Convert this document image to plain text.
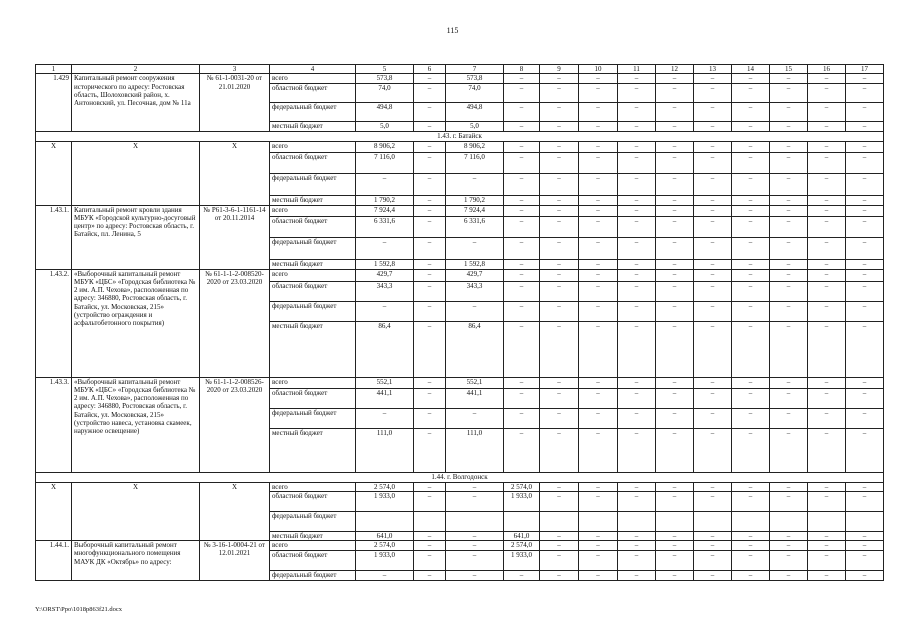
115
1	2	3	4	5	6	7	8	9	10	11	12	13	14	15	16	17
1.429	Капитальный ремонт сооружения исторического по адресу: Ростовская область, Шолоховский район, х. Антоновский, ул. Песочная, дом № 11а	№ 61-1-0031-20 от 21.01.2020	всего	573,8	–	573,8	–	–	–	–	–	–	–	–	–	–
			областной бюджет	74,0	–	74,0	–	–	–	–	–	–	–	–	–	–
			федеральный бюджет	494,8	–	494,8	–	–	–	–	–	–	–	–	–	–
			местный бюджет	5,0	–	5,0	–	–	–	–	–	–	–	–	–	–
1.43. г. Батайск																
Х	Х	Х	всего	8 906,2	–	8 906,2	–	–	–	–	–	–	–	–	–	–
			областной бюджет	7 116,0	–	7 116,0	–	–	–	–	–	–	–	–	–	–
			федеральный бюджет	–	–	–	–	–	–	–	–	–	–	–	–	–
			местный бюджет	1 790,2	–	1 790,2	–	–	–	–	–	–	–	–	–	–
1.43.1.	Капитальный ремонт кровли здания МБУК «Городской культурно-досуговый центр» по адресу: Ростовская область, г. Батайск, пл. Ленина, 5	№ Р61-3-6-1-1161-14 от 20.11.2014	всего	7 924,4	–	7 924,4	–	–	–	–	–	–	–	–	–	–
			областной бюджет	6 331,6	–	6 331,6	–	–	–	–	–	–	–	–	–	–
			федеральный бюджет	–	–	–	–	–	–	–	–	–	–	–	–	–
			местный бюджет	1 592,8	–	1 592,8	–	–	–	–	–	–	–	–	–	–
1.43.2.	«Выборочный капитальный ремонт МБУК «ЦБС» «Городская библиотека № 2 им. А.П. Чехова», расположенная по адресу: 346880, Ростовская область, г. Батайск, ул. Московская, 215» (устройство ограждения и асфальтобетонного покрытия)	№ 61-1-1-2-008520-2020 от 23.03.2020	всего	429,7	–	429,7	–	–	–	–	–	–	–	–	–	–
			областной бюджет	343,3	–	343,3	–	–	–	–	–	–	–	–	–	–
			федеральный бюджет	–	–	–	–	–	–	–	–	–	–	–	–	–
			местный бюджет	86,4	–	86,4	–	–	–	–	–	–	–	–	–	–
1.43.3.	«Выборочный капитальный ремонт МБУК «ЦБС» «Городская библиотека № 2 им. А.П. Чехова», расположенная по адресу: 346880, Ростовская область, г. Батайск, ул. Московская, 215» (устройство навеса, установка скамеек, наружное освещение)	№ 61-1-1-2-008526-2020 от 23.03.2020	всего	552,1	–	552,1	–	–	–	–	–	–	–	–	–	–
			областной бюджет	441,1	–	441,1	–	–	–	–	–	–	–	–	–	–
			федеральный бюджет	–	–	–	–	–	–	–	–	–	–	–	–	–
			местный бюджет	111,0	–	111,0	–	–	–	–	–	–	–	–	–	–
1.44. г. Волгодонск																
Х	Х	Х	всего	2 574,0	–	–	2 574,0	–	–	–	–	–	–	–	–	–
			областной бюджет	1 933,0	–	–	1 933,0	–	–	–	–	–	–	–	–	–
			федеральный бюджет													
			местный бюджет	641,0	–	–	641,0	–	–	–	–	–	–	–	–	–
1.44.1.	Выборочный капитальный ремонт многофункционального помещения МАУК ДК «Октябрь» по адресу:	№ 3-16-1-0004-21 от 12.01.2021	всего	2 574,0	–	–	2 574,0	–	–	–	–	–	–	–	–	–
			областной бюджет	1 933,0	–	–	1 933,0	–	–	–	–	–	–	–	–	–
			федеральный бюджет	–	–	–	–	–	–	–	–	–	–	–	–	–
Y:\ORST\Ppo\1018p863f21.docx
